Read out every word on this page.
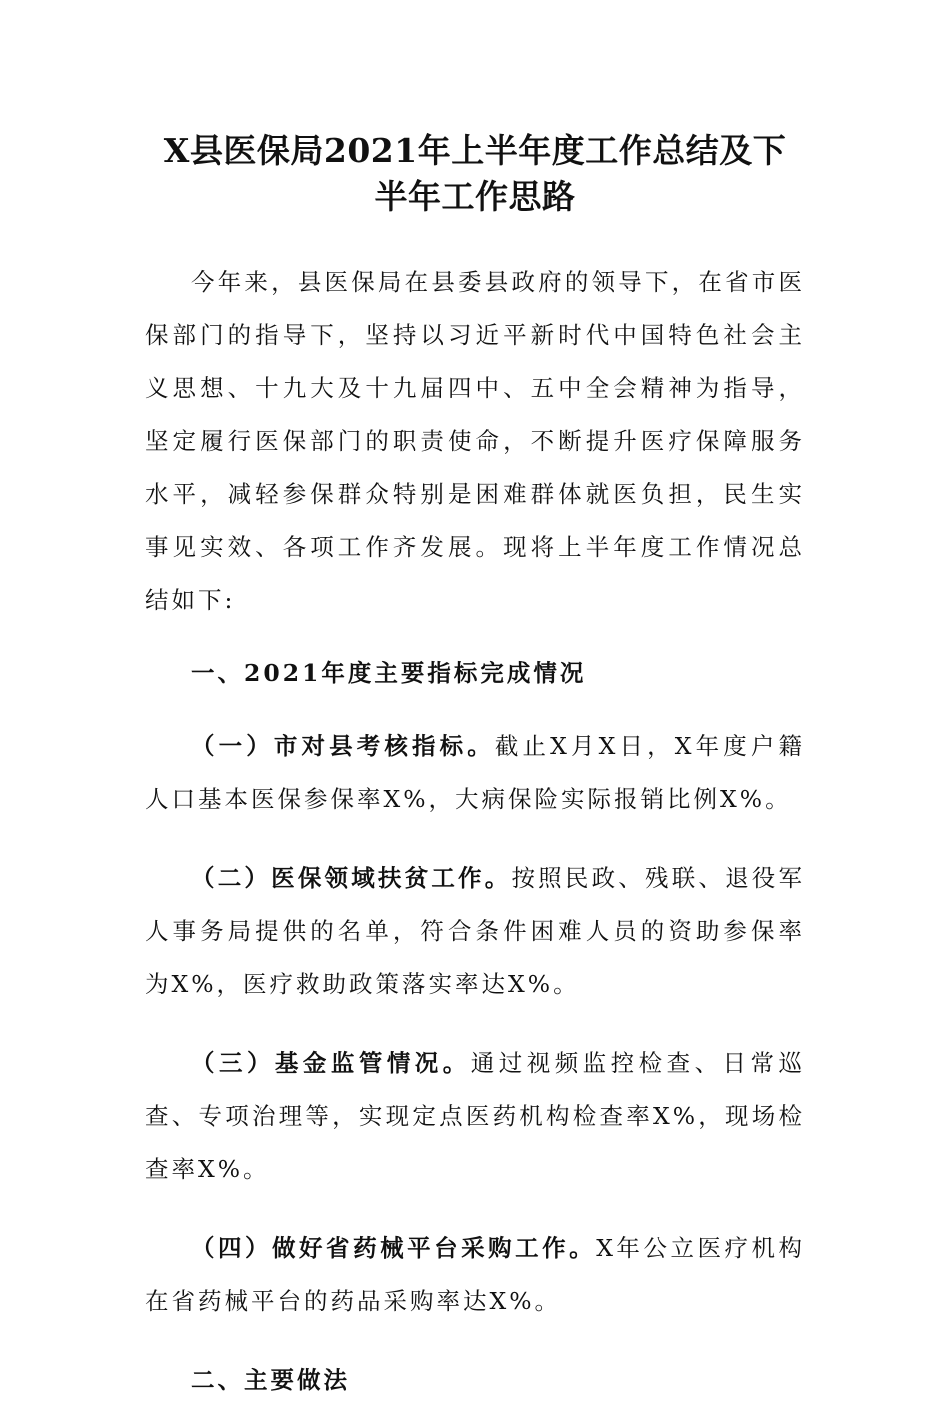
X县医保局2021年上半年度工作总结及下
半年工作思路

今年来，县医保局在县委县政府的领导下，在省市医保部门的指导下，坚持以习近平新时代中国特色社会主义思想、十九大及十九届四中、五中全会精神为指导，坚定履行医保部门的职责使命，不断提升医疗保障服务水平，减轻参保群众特别是困难群体就医负担，民生实事见实效、各项工作齐发展。现将上半年度工作情况总结如下:

一、2021年度主要指标完成情况

（一）市对县考核指标。截止X月X日，X年度户籍人口基本医保参保率X%，大病保险实际报销比例X%。

（二）医保领域扶贫工作。按照民政、残联、退役军人事务局提供的名单，符合条件困难人员的资助参保率为X%，医疗救助政策落实率达X%。

（三）基金监管情况。通过视频监控检查、日常巡查、专项治理等，实现定点医药机构检查率X%，现场检查率X%。

（四）做好省药械平台采购工作。X年公立医疗机构在省药械平台的药品采购率达X%。

二、主要做法
